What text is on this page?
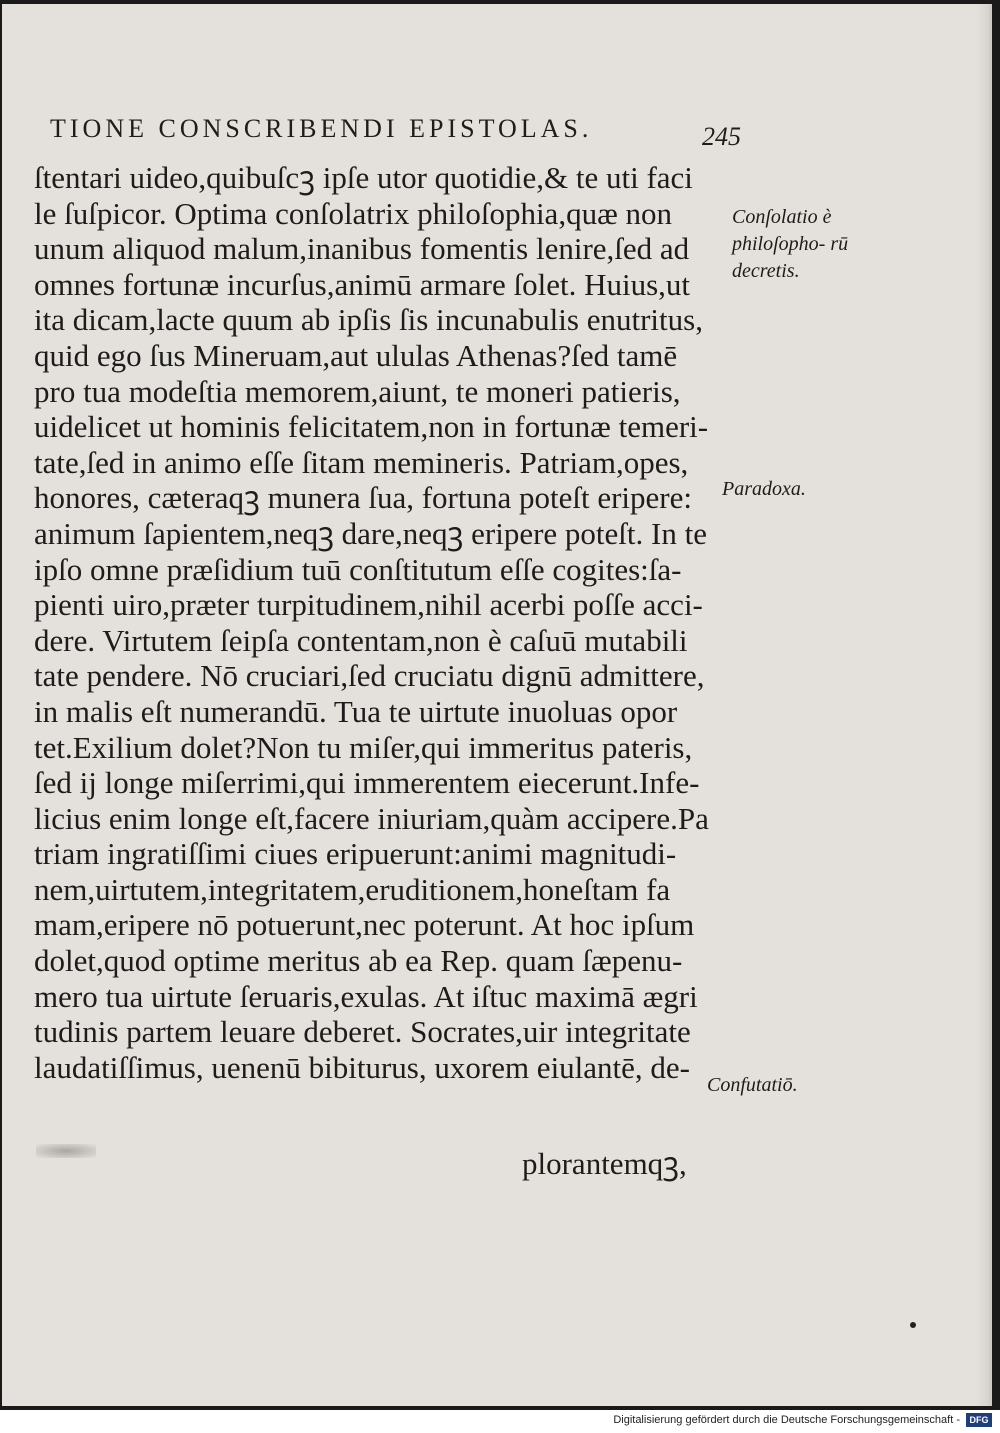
TIONE CONSCRIBENDI EPISTOLAS.	245
ſtentari uideo,quibuſcꝫ ipſe utor quotidie,& te uti faci
le ſuſpicor. Optima conſolatrix philoſophia,quæ non
unum aliquod malum,inanibus fomentis lenire,ſed ad
omnes fortunæ incurſus,animū armare ſolet. Huius,ut
ita dicam,lacte quum ab ipſis ſis incunabulis enutritus,
quid ego ſus Mineruam,aut ululas Athenas?ſed tamē
pro tua modeſtia memorem,aiunt, te moneri patieris,
uidelicet ut hominis felicitatem,non in fortunæ temeri-
tate,ſed in animo eſſe ſitam memineris. Patriam,opes,
honores, cæteraqꝫ munera ſua, fortuna poteſt eripere:
animum ſapientem,neqꝫ dare,neqꝫ eripere poteſt. In te
ipſo omne præſidium tuū conſtitutum eſſe cogites:ſa-
pienti uiro,præter turpitudinem,nihil acerbi poſſe acci-
dere. Virtutem ſeipſa contentam,non è caſuū mutabili
tate pendere. Nō cruciari,ſed cruciatu dignū admittere,
in malis eſt numerandū. Tua te uirtute inuoluas opor
tet.Exilium dolet?Non tu miſer,qui immeritus pateris,
ſed ij longe miſerrimi,qui immerentem eiecerunt.Infe-
licius enim longe eſt,facere iniuriam,quàm accipere.Pa
triam ingratiſſimi ciues eripuerunt:animi magnitudi-
nem,uirtutem,integritatem,eruditionem,honeſtam fa
mam,eripere nō potuerunt,nec poterunt. At hoc ipſum
dolet,quod optime meritus ab ea Rep. quam ſæpenu-
mero tua uirtute ſeruaris,exulas. At iſtuc maximā ægri
tudinis partem leuare deberet. Socrates,uir integritate
laudatiſſimus, uenenū bibiturus, uxorem eiulantē, de-
plorantemqꝫ,
Conſolatio è philoſopho- rū decretis.
Paradoxa.
Confutatiō.
Digitalisierung gefördert durch die Deutsche Forschungsgemeinschaft -	DFG
